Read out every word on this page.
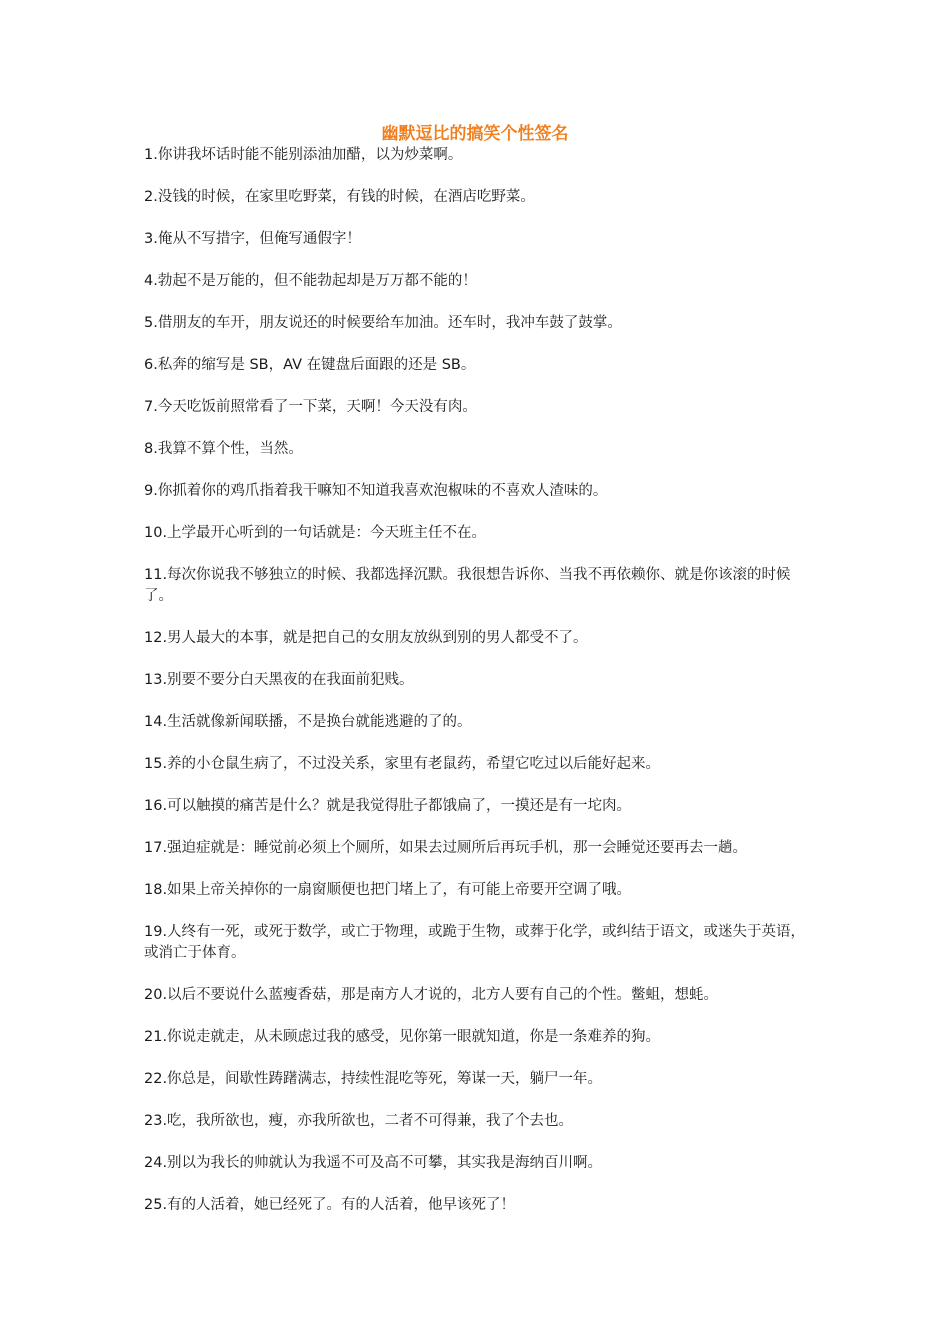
幽默逗比的搞笑个性签名
1.你讲我坏话时能不能别添油加醋，以为炒菜啊。
2.没钱的时候，在家里吃野菜，有钱的时候，在酒店吃野菜。
3.俺从不写措字，但俺写通假字！
4.勃起不是万能的，但不能勃起却是万万都不能的！
5.借朋友的车开，朋友说还的时候要给车加油。还车时，我冲车鼓了鼓掌。
6.私奔的缩写是 SB，AV 在键盘后面跟的还是 SB。
7.今天吃饭前照常看了一下菜，天啊！今天没有肉。
8.我算不算个性，当然。
9.你抓着你的鸡爪指着我干嘛知不知道我喜欢泡椒味的不喜欢人渣味的。
10.上学最开心听到的一句话就是：今天班主任不在。
11.每次你说我不够独立的时候、我都选择沉默。我很想告诉你、当我不再依赖你、就是你该滚的时候了。
12.男人最大的本事，就是把自己的女朋友放纵到别的男人都受不了。
13.别要不要分白天黑夜的在我面前犯贱。
14.生活就像新闻联播，不是换台就能逃避的了的。
15.养的小仓鼠生病了，不过没关系，家里有老鼠药，希望它吃过以后能好起来。
16.可以触摸的痛苦是什么？就是我觉得肚子都饿扁了，一摸还是有一坨肉。
17.强迫症就是：睡觉前必须上个厕所，如果去过厕所后再玩手机，那一会睡觉还要再去一趟。
18.如果上帝关掉你的一扇窗顺便也把门堵上了，有可能上帝要开空调了哦。
19.人终有一死，或死于数学，或亡于物理，或跪于生物，或葬于化学，或纠结于语文，或迷失于英语，或消亡于体育。
20.以后不要说什么蓝瘦香菇，那是南方人才说的，北方人要有自己的个性。鳖蛆，想蚝。
21.你说走就走，从未顾虑过我的感受，见你第一眼就知道，你是一条难养的狗。
22.你总是，间歇性踌躇满志，持续性混吃等死，筹谋一天，躺尸一年。
23.吃，我所欲也，瘦，亦我所欲也，二者不可得兼，我了个去也。
24.别以为我长的帅就认为我遥不可及高不可攀，其实我是海纳百川啊。
25.有的人活着，她已经死了。有的人活着，他早该死了！
